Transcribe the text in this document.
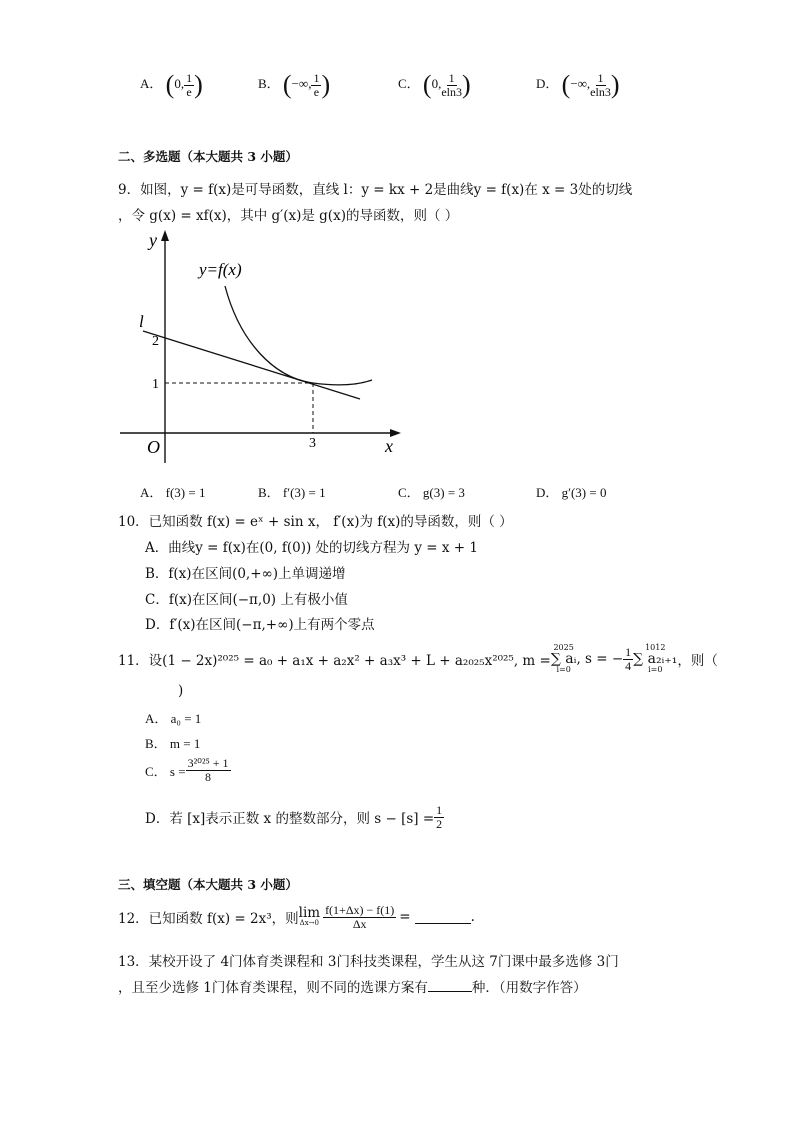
A． (0, $\frac{1}{e}$ )	B． (−∞, $\frac{1}{e}$ )	C． (0, $\frac{1}{eln3}$ )	D． (−∞, $\frac{1}{eln3}$ )
二、多选题（本大题共 3 小题）
9．如图，y = f(x)是可导函数，直线 l：y = kx + 2是曲线y = f(x)在 x = 3处的切线
，令 g(x) = xf(x)，其中 g′(x)是 g(x)的导函数，则（ ）
y
x
O
y=f(x)
l
2
1
3
A． f(3) = 1	B． f′(3) = 1	C． g(3) = 3	D． g′(3) = 0
10．已知函数 f(x) = eˣ + sin x， f′(x)为 f(x)的导函数，则（ ）
A．曲线y = f(x)在(0, f(0)) 处的切线方程为 y = x + 1
B．f(x)在区间(0,+∞)上单调递增
C．f(x)在区间(−π,0) 上有极小值
D．f′(x)在区间(−π,+∞)上有两个零点
11．设(1 − 2x)²⁰²⁵ = a₀ + a₁x + a₂x² + a₃x³ + L + a₂₀₂₅x²⁰²⁵, m =
2025
∑ aᵢ
i=0
, s = − $\frac{1}{4} 1012$
∑ a₂ᵢ₊₁
i=0
，则（
)
A． a₀ = 1
B． m = 1
C． $s = \frac{\text{3²⁰²⁵ + 1}}{8}$
D．若 [x]表示正数 x 的整数部分，则 $s - [s] = \frac{1}{2}$
三、填空题（本大题共 3 小题）
12．已知函数 f(x) = 2x³，则 lim
$\Delta x\to 0 \frac{f(1+\Delta x) - f(1)}{\Delta x}$ =	.
13．某校开设了 4门体育类课程和 3门科技类课程，学生从这 7门课中最多选修 3门
，且至少选修 1门体育类课程，则不同的选课方案有	种．（用数字作答）
